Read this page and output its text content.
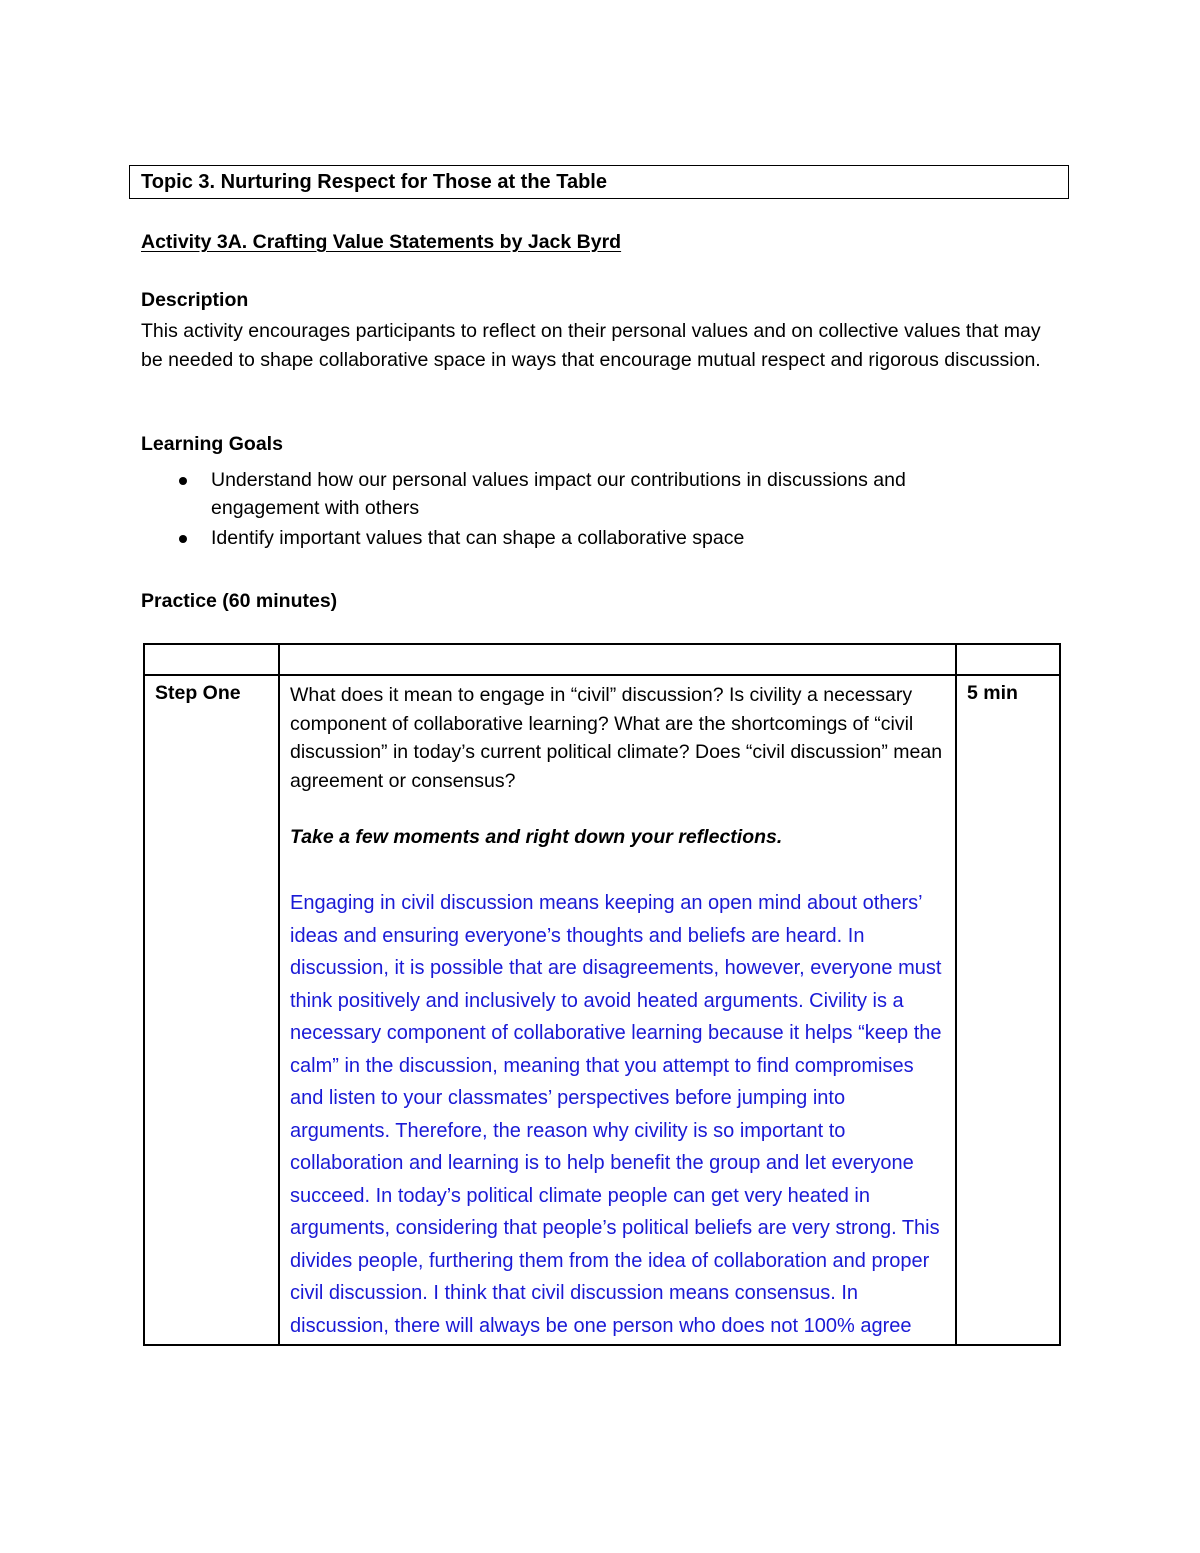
Topic 3. Nurturing Respect for Those at the Table
Activity 3A. Crafting Value Statements by Jack Byrd
Description
This activity encourages participants to reflect on their personal values and on collective values that may be needed to shape collaborative space in ways that encourage mutual respect and rigorous discussion.
Learning Goals
Understand how our personal values impact our contributions in discussions and engagement with others
Identify important values that can shape a collaborative space
Practice (60 minutes)

Step One	What does it mean to engage in “civil” discussion? Is civility a necessary component of collaborative learning? What are the shortcomings of “civil discussion” in today’s current political climate? Does “civil discussion” mean agreement or consensus?
Take a few moments and right down your reflections.
Engaging in civil discussion means keeping an open mind about others’ ideas and ensuring everyone’s thoughts and beliefs are heard. In discussion, it is possible that are disagreements, however, everyone must think positively and inclusively to avoid heated arguments. Civility is a necessary component of collaborative learning because it helps “keep the calm” in the discussion, meaning that you attempt to find compromises and listen to your classmates’ perspectives before jumping into arguments. Therefore, the reason why civility is so important to collaboration and learning is to help benefit the group and let everyone succeed. In today’s political climate people can get very heated in arguments, considering that people’s political beliefs are very strong. This divides people, furthering them from the idea of collaboration and proper civil discussion. I think that civil discussion means consensus. In discussion, there will always be one person who does not 100% agree	5 min
